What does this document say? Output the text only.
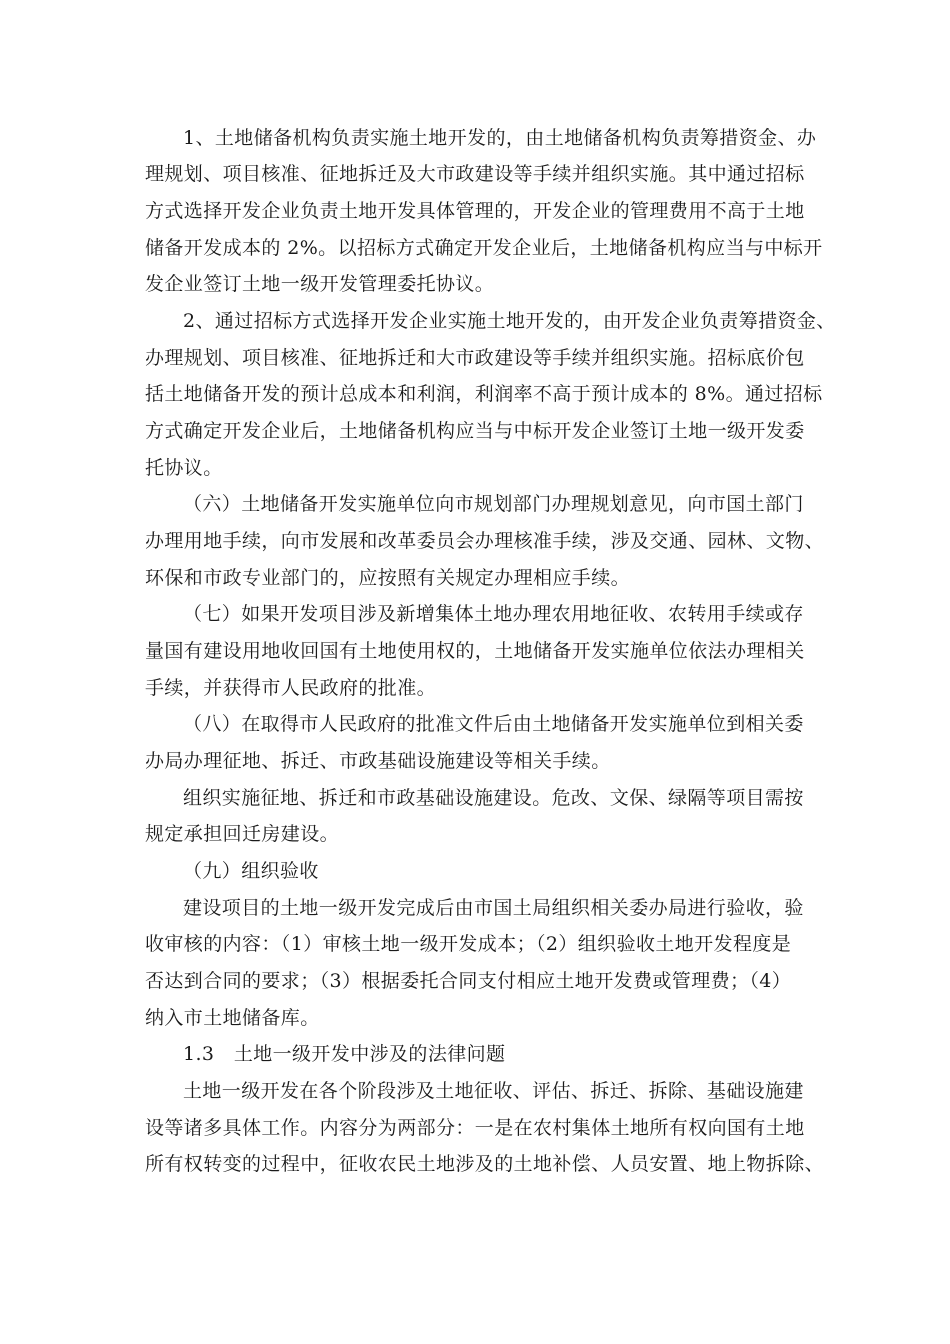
1、土地储备机构负责实施土地开发的，由土地储备机构负责筹措资金、办
理规划、项目核准、征地拆迁及大市政建设等手续并组织实施。其中通过招标
方式选择开发企业负责土地开发具体管理的，开发企业的管理费用不高于土地
储备开发成本的 2%。以招标方式确定开发企业后，土地储备机构应当与中标开
发企业签订土地一级开发管理委托协议。
2、通过招标方式选择开发企业实施土地开发的，由开发企业负责筹措资金、
办理规划、项目核准、征地拆迁和大市政建设等手续并组织实施。招标底价包
括土地储备开发的预计总成本和利润，利润率不高于预计成本的 8%。通过招标
方式确定开发企业后，土地储备机构应当与中标开发企业签订土地一级开发委
托协议。
（六）土地储备开发实施单位向市规划部门办理规划意见，向市国土部门
办理用地手续，向市发展和改革委员会办理核准手续，涉及交通、园林、文物、
环保和市政专业部门的，应按照有关规定办理相应手续。
（七）如果开发项目涉及新增集体土地办理农用地征收、农转用手续或存
量国有建设用地收回国有土地使用权的，土地储备开发实施单位依法办理相关
手续，并获得市人民政府的批准。
（八）在取得市人民政府的批准文件后由土地储备开发实施单位到相关委
办局办理征地、拆迁、市政基础设施建设等相关手续。
组织实施征地、拆迁和市政基础设施建设。危改、文保、绿隔等项目需按
规定承担回迁房建设。
（九）组织验收
建设项目的土地一级开发完成后由市国土局组织相关委办局进行验收，验
收审核的内容：（1）审核土地一级开发成本；（2）组织验收土地开发程度是
否达到合同的要求；（3）根据委托合同支付相应土地开发费或管理费；（4）
纳入市土地储备库。
1.3　土地一级开发中涉及的法律问题
土地一级开发在各个阶段涉及土地征收、评估、拆迁、拆除、基础设施建
设等诸多具体工作。内容分为两部分：一是在农村集体土地所有权向国有土地
所有权转变的过程中，征收农民土地涉及的土地补偿、人员安置、地上物拆除、
